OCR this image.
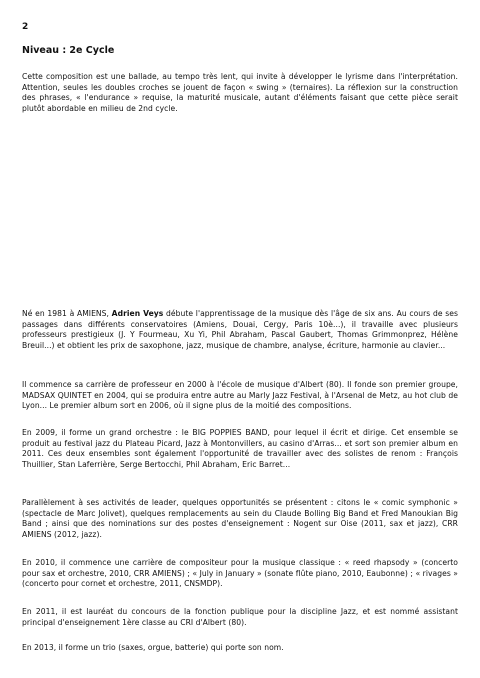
2
Niveau : 2e Cycle

Cette composition est une ballade, au tempo très lent, qui invite à développer le lyrisme dans l'interprétation. Attention, seules les doubles croches se jouent de façon « swing » (ternaires). La réflexion sur la construction des phrases, « l'endurance » requise, la maturité musicale, autant d'éléments faisant que cette pièce serait plutôt abordable en milieu de 2nd cycle.

Né en 1981 à AMIENS, Adrien Veys débute l'apprentissage de la musique dès l'âge de six ans. Au cours de ses passages dans différents conservatoires (Amiens, Douai, Cergy, Paris 10è...), il travaille avec plusieurs professeurs prestigieux (J. Y Fourmeau, Xu Yi, Phil Abraham, Pascal Gaubert, Thomas Grimmonprez, Hélène Breuil...) et obtient les prix de saxophone, jazz, musique de chambre, analyse, écriture, harmonie au clavier...

Il commence sa carrière de professeur en 2000 à l'école de musique d'Albert (80). Il fonde son premier groupe, MADSAX QUINTET en 2004, qui se produira entre autre au Marly Jazz Festival, à l'Arsenal de Metz, au hot club de Lyon... Le premier album sort en 2006, où il signe plus de la moitié des compositions.

En 2009, il forme un grand orchestre : le BIG POPPIES BAND, pour lequel il écrit et dirige. Cet ensemble se produit au festival jazz du Plateau Picard, Jazz à Montonvillers, au casino d'Arras... et sort son premier album en 2011. Ces deux ensembles sont également l'opportunité de travailler avec des solistes de renom : François Thuillier, Stan Laferrière, Serge Bertocchi, Phil Abraham, Eric Barret...

Parallèlement à ses activités de leader, quelques opportunités se présentent : citons le « comic symphonic » (spectacle de Marc Jolivet), quelques remplacements au sein du Claude Bolling Big Band et Fred Manoukian Big Band ; ainsi que des nominations sur des postes d'enseignement : Nogent sur Oise (2011, sax et jazz), CRR AMIENS (2012, jazz).

En 2010, il commence une carrière de compositeur pour la musique classique : « reed rhapsody » (concerto pour sax et orchestre, 2010, CRR AMIENS) ; « July in January » (sonate flûte piano, 2010, Eaubonne) ; « rivages » (concerto pour cornet et orchestre, 2011, CNSMDP).

En 2011, il est lauréat du concours de la fonction publique pour la discipline Jazz, et est nommé assistant principal d'enseignement 1ère classe au CRI d'Albert (80).

En 2013, il forme un trio (saxes, orgue, batterie) qui porte son nom.
